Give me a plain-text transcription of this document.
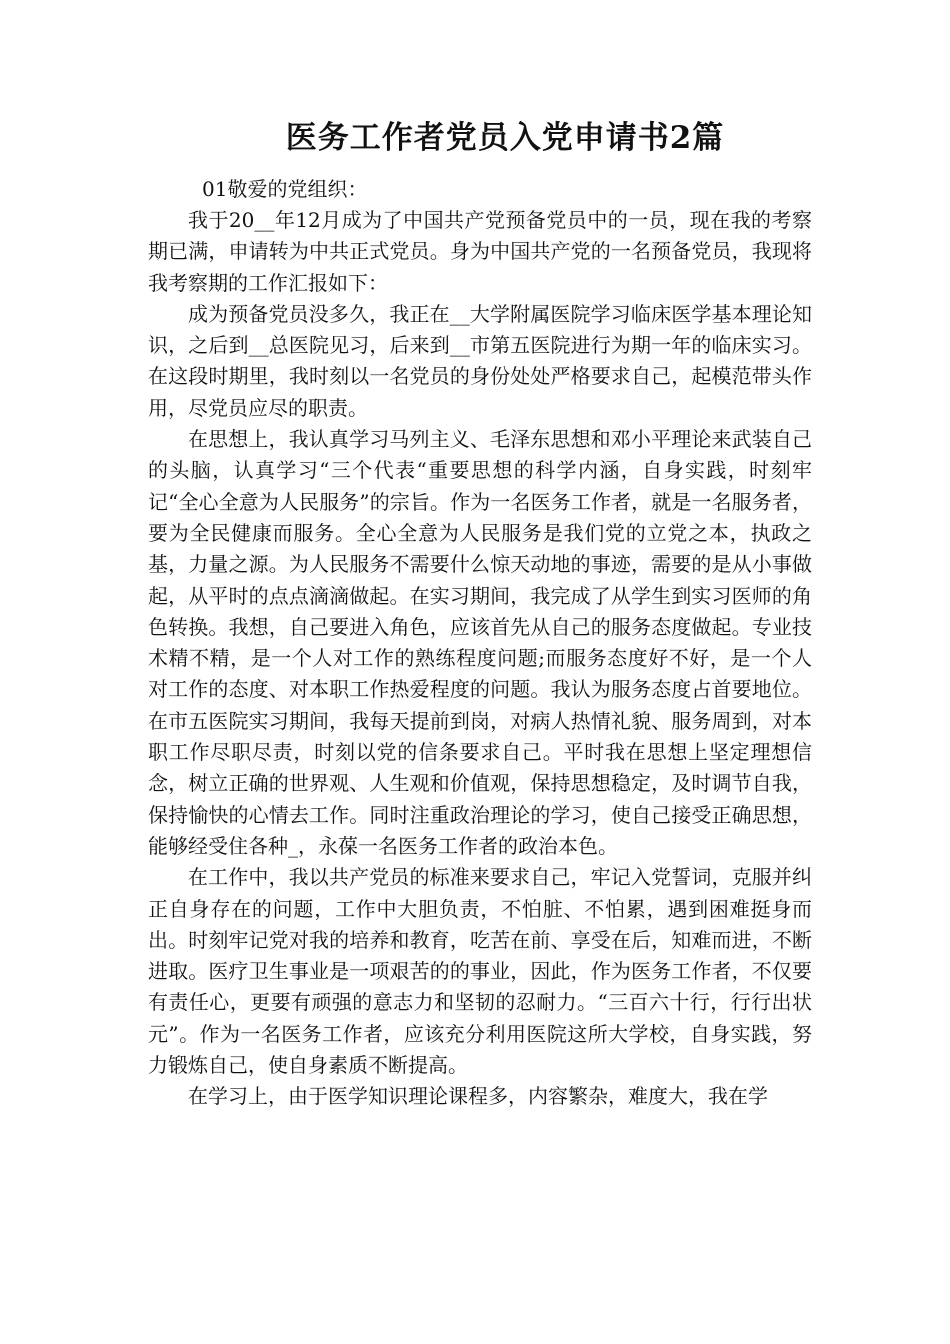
医务工作者党员入党申请书2篇

01敬爱的党组织：

我于20__年12月成为了中国共产党预备党员中的一员，现在我的考察期已满，申请转为中共正式党员。身为中国共产党的一名预备党员，我现将我考察期的工作汇报如下：

成为预备党员没多久，我正在__大学附属医院学习临床医学基本理论知识，之后到__总医院见习，后来到__市第五医院进行为期一年的临床实习。在这段时期里，我时刻以一名党员的身份处处严格要求自己，起模范带头作用，尽党员应尽的职责。

在思想上，我认真学习马列主义、毛泽东思想和邓小平理论来武装自己的头脑，认真学习“三个代表“重要思想的科学内涵，自身实践，时刻牢记“全心全意为人民服务”的宗旨。作为一名医务工作者，就是一名服务者，要为全民健康而服务。全心全意为人民服务是我们党的立党之本，执政之基，力量之源。为人民服务不需要什么惊天动地的事迹，需要的是从小事做起，从平时的点点滴滴做起。在实习期间，我完成了从学生到实习医师的角色转换。我想，自己要进入角色，应该首先从自己的服务态度做起。专业技术精不精，是一个人对工作的熟练程度问题;而服务态度好不好，是一个人对工作的态度、对本职工作热爱程度的问题。我认为服务态度占首要地位。在市五医院实习期间，我每天提前到岗，对病人热情礼貌、服务周到，对本职工作尽职尽责，时刻以党的信条要求自己。平时我在思想上坚定理想信念，树立正确的世界观、人生观和价值观，保持思想稳定，及时调节自我，保持愉快的心情去工作。同时注重政治理论的学习，使自己接受正确思想，能够经受住各种_，永葆一名医务工作者的政治本色。

在工作中，我以共产党员的标准来要求自己，牢记入党誓词，克服并纠正自身存在的问题，工作中大胆负责，不怕脏、不怕累，遇到困难挺身而出。时刻牢记党对我的培养和教育，吃苦在前、享受在后，知难而进，不断进取。医疗卫生事业是一项艰苦的的事业，因此，作为医务工作者，不仅要有责任心，更要有顽强的意志力和坚韧的忍耐力。“三百六十行，行行出状元”。作为一名医务工作者，应该充分利用医院这所大学校，自身实践，努力锻炼自己，使自身素质不断提高。

在学习上，由于医学知识理论课程多，内容繁杂，难度大，我在学
